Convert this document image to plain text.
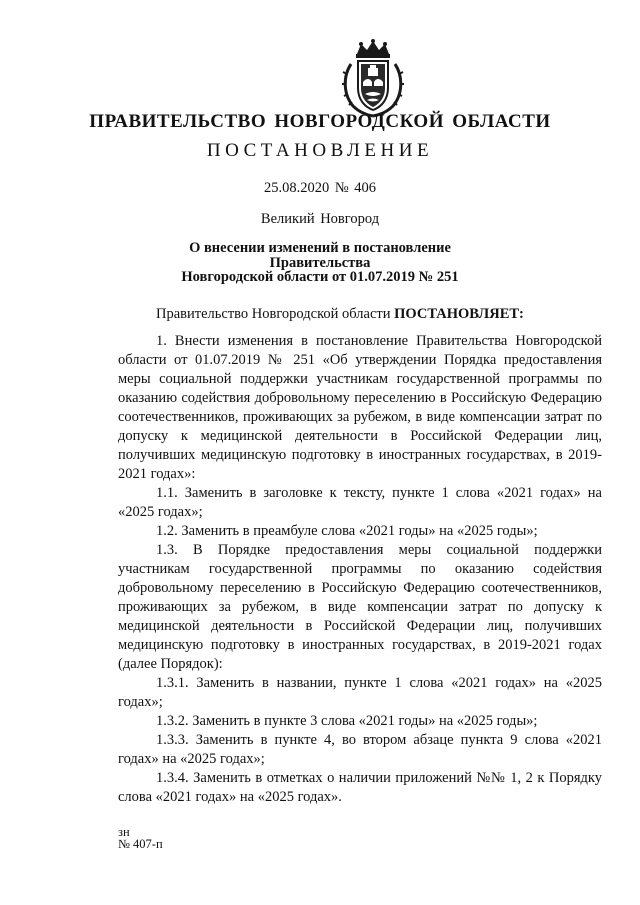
ПРАВИТЕЛЬСТВО НОВГОРОДСКОЙ ОБЛАСТИ
ПОСТАНОВЛЕНИЕ
25.08.2020 № 406
Великий Новгород
О внесении изменений в постановление Правительства
Новгородской области от 01.07.2019 № 251

Правительство Новгородской области ПОСТАНОВЛЯЕТ:

1. Внести изменения в постановление Правительства Новгородской области от 01.07.2019 № 251 «Об утверждении Порядка предоставления меры социальной поддержки участникам государственной программы по оказанию содействия добровольному переселению в Российскую Федерацию соотечественников, проживающих за рубежом, в виде компенсации затрат по допуску к медицинской деятельности в Российской Федерации лиц, получивших медицинскую подготовку в иностранных государствах, в 2019-2021 годах»:

1.1. Заменить в заголовке к тексту, пункте 1 слова «2021 годах» на «2025 годах»;

1.2. Заменить в преамбуле слова «2021 годы» на «2025 годы»;

1.3. В Порядке предоставления меры социальной поддержки участникам государственной программы по оказанию содействия добровольному переселению в Российскую Федерацию соотечественников, проживающих за рубежом, в виде компенсации затрат по допуску к медицинской деятельности в Российской Федерации лиц, получивших медицинскую подготовку в иностранных государствах, в 2019-2021 годах (далее Порядок):

1.3.1. Заменить в названии, пункте 1 слова «2021 годах» на «2025 годах»;

1.3.2. Заменить в пункте 3 слова «2021 годы» на «2025 годы»;

1.3.3. Заменить в пункте 4, во втором абзаце пункта 9 слова «2021 годах» на «2025 годах»;

1.3.4. Заменить в отметках о наличии приложений №№ 1, 2 к Порядку слова «2021 годах» на «2025 годах».

зн
№ 407-п
